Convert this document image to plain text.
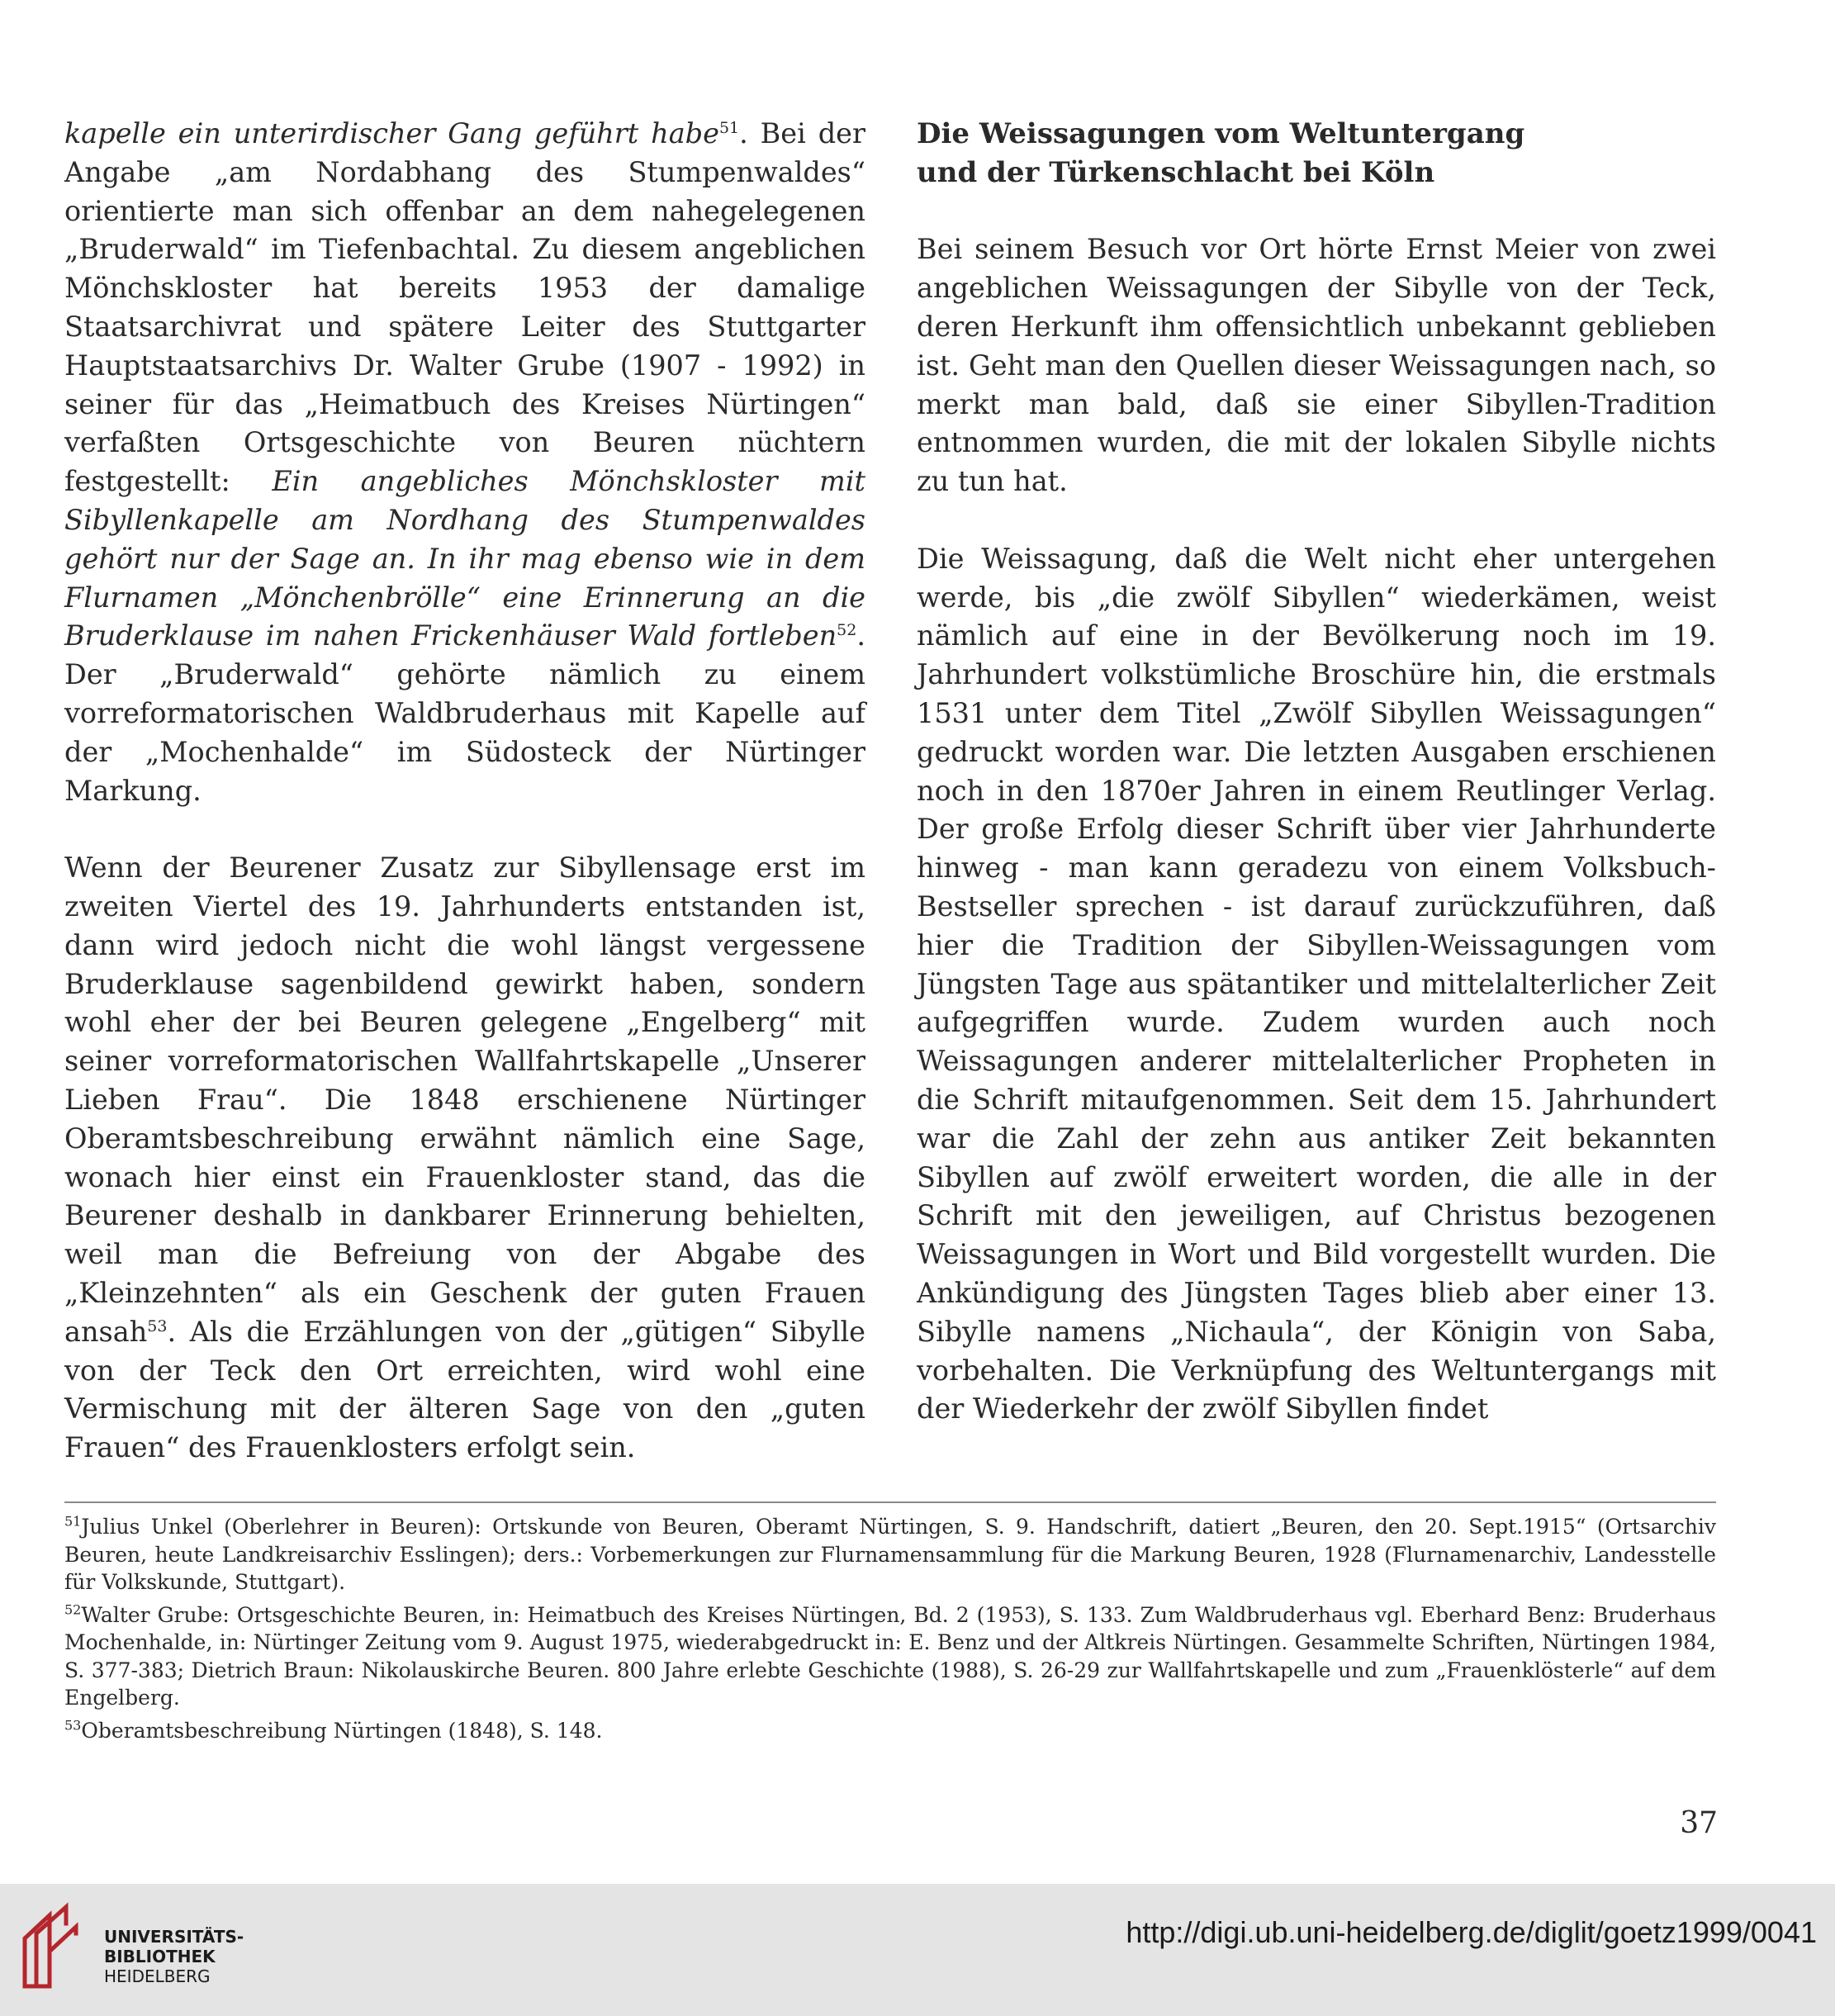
kapelle ein unterirdischer Gang geführt habe$^{51}$. Bei der Angabe „am Nordabhang des Stumpenwaldes“ orientierte man sich offenbar an dem nahegelegenen „Bruderwald“ im Tiefenbachtal. Zu diesem angeblichen Mönchskloster hat bereits 1953 der damalige Staatsarchivrat und spätere Leiter des Stuttgarter Hauptstaatsarchivs Dr. Walter Grube (1907 - 1992) in seiner für das „Heimatbuch des Kreises Nürtingen“ verfaßten Ortsgeschichte von Beuren nüchtern festgestellt: Ein angebliches Mönchskloster mit Sibyllenkapelle am Nordhang des Stumpenwaldes gehört nur der Sage an. In ihr mag ebenso wie in dem Flurnamen „Mönchenbrölle“ eine Erinnerung an die Bruderklause im nahen Frickenhäuser Wald fortleben$^{52}$. Der „Bruderwald“ gehörte nämlich zu einem vorreformatorischen Waldbruderhaus mit Kapelle auf der „Mochenhalde“ im Südosteck der Nürtinger Markung.

Wenn der Beurener Zusatz zur Sibyllensage erst im zweiten Viertel des 19. Jahrhunderts entstanden ist, dann wird jedoch nicht die wohl längst vergessene Bruderklause sagenbildend gewirkt haben, sondern wohl eher der bei Beuren gelegene „Engelberg“ mit seiner vorreformatorischen Wallfahrtskapelle „Unserer Lieben Frau“. Die 1848 erschienene Nürtinger Oberamtsbeschreibung erwähnt nämlich eine Sage, wonach hier einst ein Frauenkloster stand, das die Beurener deshalb in dankbarer Erinnerung behielten, weil man die Befreiung von der Abgabe des „Kleinzehnten“ als ein Geschenk der guten Frauen ansah$^{53}$. Als die Erzählungen von der „gütigen“ Sibylle von der Teck den Ort erreichten, wird wohl eine Vermischung mit der älteren Sage von den „guten Frauen“ des Frauenklosters erfolgt sein.

Die Weissagungen vom Weltuntergang
und der Türkenschlacht bei Köln

Bei seinem Besuch vor Ort hörte Ernst Meier von zwei angeblichen Weissagungen der Sibylle von der Teck, deren Herkunft ihm offensichtlich unbekannt geblieben ist. Geht man den Quellen dieser Weissagungen nach, so merkt man bald, daß sie einer Sibyllen-Tradition entnommen wurden, die mit der lokalen Sibylle nichts zu tun hat.

Die Weissagung, daß die Welt nicht eher untergehen werde, bis „die zwölf Sibyllen“ wiederkämen, weist nämlich auf eine in der Bevölkerung noch im 19. Jahrhundert volkstümliche Broschüre hin, die erstmals 1531 unter dem Titel „Zwölf Sibyllen Weissagungen“ gedruckt worden war. Die letzten Ausgaben erschienen noch in den 1870er Jahren in einem Reutlinger Verlag. Der große Erfolg dieser Schrift über vier Jahrhunderte hinweg - man kann geradezu von einem Volksbuch-Bestseller sprechen - ist darauf zurückzuführen, daß hier die Tradition der Sibyllen-Weissagungen vom Jüngsten Tage aus spätantiker und mittelalterlicher Zeit aufgegriffen wurde. Zudem wurden auch noch Weissagungen anderer mittelalterlicher Propheten in die Schrift mitaufgenommen. Seit dem 15. Jahrhundert war die Zahl der zehn aus antiker Zeit bekannten Sibyllen auf zwölf erweitert worden, die alle in der Schrift mit den jeweiligen, auf Christus bezogenen Weissagungen in Wort und Bild vorgestellt wurden. Die Ankündigung des Jüngsten Tages blieb aber einer 13. Sibylle namens „Nichaula“, der Königin von Saba, vorbehalten. Die Verknüpfung des Weltuntergangs mit der Wiederkehr der zwölf Sibyllen findet

$^{51}$Julius Unkel (Oberlehrer in Beuren): Ortskunde von Beuren, Oberamt Nürtingen, S. 9. Handschrift, datiert „Beuren, den 20. Sept.1915“ (Ortsarchiv Beuren, heute Landkreisarchiv Esslingen); ders.: Vorbemerkungen zur Flurnamensammlung für die Markung Beuren, 1928 (Flurnamenarchiv, Landesstelle für Volkskunde, Stuttgart).

$^{52}$Walter Grube: Ortsgeschichte Beuren, in: Heimatbuch des Kreises Nürtingen, Bd. 2 (1953), S. 133. Zum Waldbruderhaus vgl. Eberhard Benz: Bruderhaus Mochenhalde, in: Nürtinger Zeitung vom 9. August 1975, wiederabgedruckt in: E. Benz und der Altkreis Nürtingen. Gesammelte Schriften, Nürtingen 1984, S. 377-383; Dietrich Braun: Nikolauskirche Beuren. 800 Jahre erlebte Geschichte (1988), S. 26-29 zur Wallfahrtskapelle und zum „Frauenklösterle“ auf dem Engelberg.

$^{53}$Oberamtsbeschreibung Nürtingen (1848), S. 148.

37
UNIVERSITÄTS-
BIBLIOTHEK
HEIDELBERG
http://digi.ub.uni-heidelberg.de/diglit/goetz1999/0041
